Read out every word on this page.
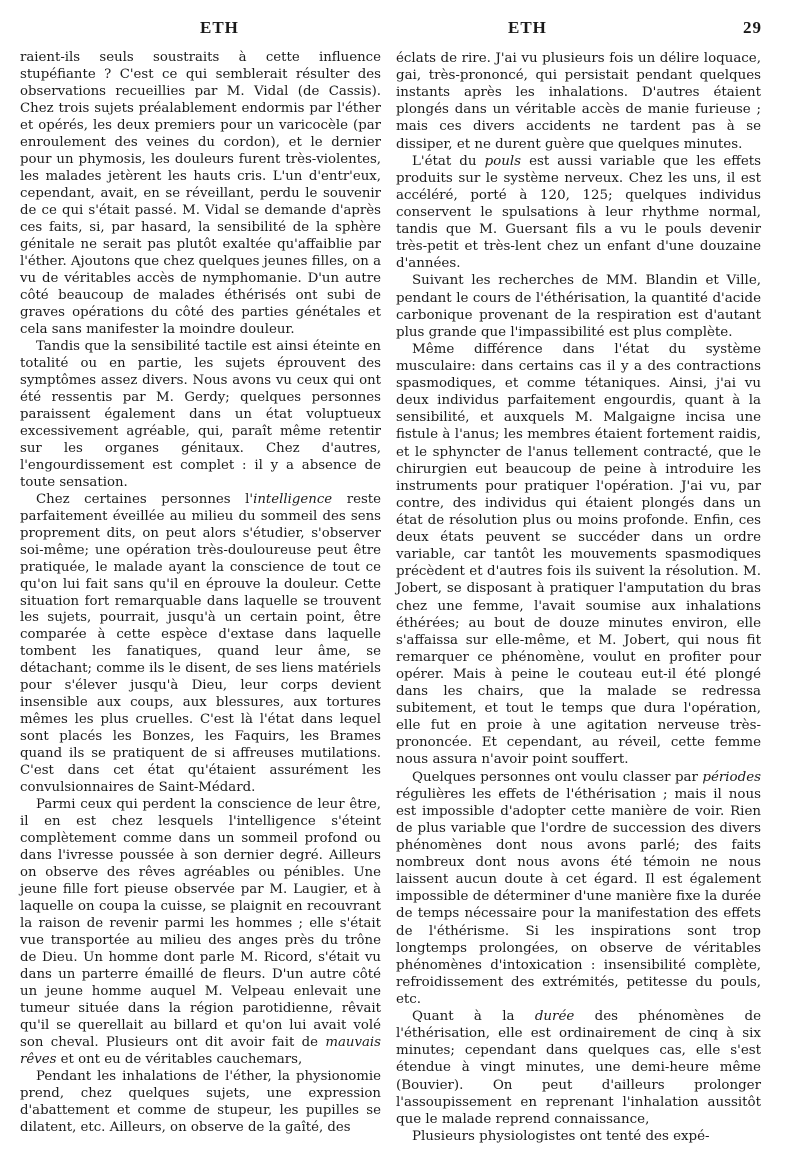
ETH	ETH	29

raient-ils seuls soustraits à cette influence stupéfiante ? C'est ce qui semblerait résulter des observations recueillies par M. Vidal (de Cassis). Chez trois sujets préalablement endormis par l'éther et opérés, les deux premiers pour un varicocèle (par enroulement des veines du cordon), et le dernier pour un phymosis, les douleurs furent très-violentes, les malades jetèrent les hauts cris. L'un d'entr'eux, cependant, avait, en se réveillant, perdu le souvenir de ce qui s'était passé. M. Vidal se demande d'après ces faits, si, par hasard, la sensibilité de la sphère génitale ne serait pas plutôt exaltée qu'affaiblie par l'éther. Ajoutons que chez quelques jeunes filles, on a vu de véritables accès de nymphomanie. D'un autre côté beaucoup de malades éthérisés ont subi de graves opérations du côté des parties génétales et cela sans manifester la moindre douleur.

Tandis que la sensibilité tactile est ainsi éteinte en totalité ou en partie, les sujets éprouvent des symptômes assez divers. Nous avons vu ceux qui ont été ressentis par M. Gerdy; quelques personnes paraissent également dans un état voluptueux excessivement agréable, qui, paraît même retentir sur les organes génitaux. Chez d'autres, l'engourdissement est complet : il y a absence de toute sensation.

Chez certaines personnes l'intelligence reste parfaitement éveillée au milieu du sommeil des sens proprement dits, on peut alors s'étudier, s'observer soi-même; une opération très-douloureuse peut être pratiquée, le malade ayant la conscience de tout ce qu'on lui fait sans qu'il en éprouve la douleur. Cette situation fort remarquable dans laquelle se trouvent les sujets, pourrait, jusqu'à un certain point, être comparée à cette espèce d'extase dans laquelle tombent les fanatiques, quand leur âme, se détachant; comme ils le disent, de ses liens matériels pour s'élever jusqu'à Dieu, leur corps devient insensible aux coups, aux blessures, aux tortures mêmes les plus cruelles. C'est là l'état dans lequel sont placés les Bonzes, les Faquirs, les Brames quand ils se pratiquent de si affreuses mutilations. C'est dans cet état qu'étaient assurément les convulsionnaires de Saint-Médard.

Parmi ceux qui perdent la conscience de leur être, il en est chez lesquels l'intelligence s'éteint complètement comme dans un sommeil profond ou dans l'ivresse poussée à son dernier degré. Ailleurs on observe des rêves agréables ou pénibles. Une jeune fille fort pieuse observée par M. Laugier, et à laquelle on coupa la cuisse, se plaignit en recouvrant la raison de revenir parmi les hommes ; elle s'était vue transportée au milieu des anges près du trône de Dieu. Un homme dont parle M. Ricord, s'était vu dans un parterre émaillé de fleurs. D'un autre côté un jeune homme auquel M. Velpeau enlevait une tumeur située dans la région parotidienne, rêvait qu'il se querellait au billard et qu'on lui avait volé son cheval. Plusieurs ont dit avoir fait de mauvais rêves et ont eu de véritables cauchemars,

Pendant les inhalations de l'éther, la physionomie prend, chez quelques sujets, une expression d'abattement et comme de stupeur, les pupilles se dilatent, etc. Ailleurs, on observe de la gaîté, des

éclats de rire. J'ai vu plusieurs fois un délire loquace, gai, très-prononcé, qui persistait pendant quelques instants après les inhalations. D'autres étaient plongés dans un véritable accès de manie furieuse ; mais ces divers accidents ne tardent pas à se dissiper, et ne durent guère que quelques minutes.

L'état du pouls est aussi variable que les effets produits sur le système nerveux. Chez les uns, il est accéléré, porté à 120, 125; quelques individus conservent le spulsations à leur rhythme normal, tandis que M. Guersant fils a vu le pouls devenir très-petit et très-lent chez un enfant d'une douzaine d'années.

Suivant les recherches de MM. Blandin et Ville, pendant le cours de l'éthérisation, la quantité d'acide carbonique provenant de la respiration est d'autant plus grande que l'impassibilité est plus complète.

Même différence dans l'état du système musculaire: dans certains cas il y a des contractions spasmodiques, et comme tétaniques. Ainsi, j'ai vu deux individus parfaitement engourdis, quant à la sensibilité, et auxquels M. Malgaigne incisa une fistule à l'anus; les membres étaient fortement raidis, et le sphyncter de l'anus tellement contracté, que le chirurgien eut beaucoup de peine à introduire les instruments pour pratiquer l'opération. J'ai vu, par contre, des individus qui étaient plongés dans un état de résolution plus ou moins profonde. Enfin, ces deux états peuvent se succéder dans un ordre variable, car tantôt les mouvements spasmodiques précèdent et d'autres fois ils suivent la résolution. M. Jobert, se disposant à pratiquer l'amputation du bras chez une femme, l'avait soumise aux inhalations éthérées; au bout de douze minutes environ, elle s'affaissa sur elle-même, et M. Jobert, qui nous fit remarquer ce phénomène, voulut en profiter pour opérer. Mais à peine le couteau eut-il été plongé dans les chairs, que la malade se redressa subitement, et tout le temps que dura l'opération, elle fut en proie à une agitation nerveuse très-prononcée. Et cependant, au réveil, cette femme nous assura n'avoir point souffert.

Quelques personnes ont voulu classer par périodes régulières les effets de l'éthérisation ; mais il nous est impossible d'adopter cette manière de voir. Rien de plus variable que l'ordre de succession des divers phénomènes dont nous avons parlé; des faits nombreux dont nous avons été témoin ne nous laissent aucun doute à cet égard. Il est également impossible de déterminer d'une manière fixe la durée de temps nécessaire pour la manifestation des effets de l'éthérisme. Si les inspirations sont trop longtemps prolongées, on observe de véritables phénomènes d'intoxication : insensibilité complète, refroidissement des extrémités, petitesse du pouls, etc.

Quant à la durée des phénomènes de l'éthérisation, elle est ordinairement de cinq à six minutes; cependant dans quelques cas, elle s'est étendue à vingt minutes, une demi-heure même (Bouvier). On peut d'ailleurs prolonger l'assoupissement en reprenant l'inhalation aussitôt que le malade reprend connaissance,

Plusieurs physiologistes ont tenté des expé-
